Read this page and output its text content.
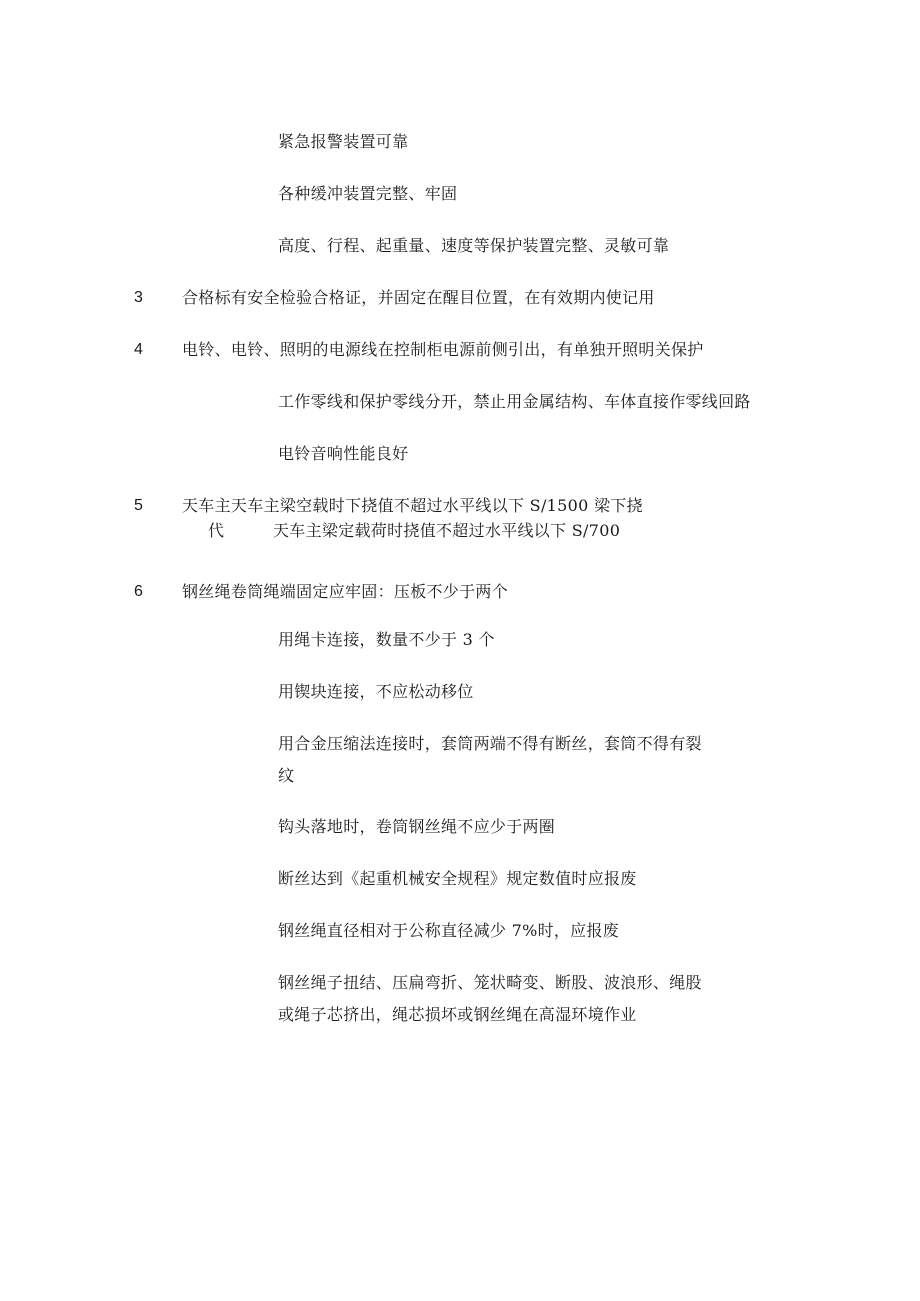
紧急报警装置可靠
各种缓冲装置完整、牢固
高度、行程、起重量、速度等保护装置完整、灵敏可靠
3 合格标有安全检验合格证，并固定在醒目位置，在有效期内使记用
4 电铃、电铃、照明的电源线在控制柜电源前侧引出，有单独开照明关保护
工作零线和保护零线分开，禁止用金属结构、车体直接作零线回路
电铃音响性能良好
5 天车主天车主梁空载时下挠值不超过水平线以下 S/1500 梁下挠
代	天车主梁定载荷时挠值不超过水平线以下 S/700
6 钢丝绳卷筒绳端固定应牢固：压板不少于两个
用绳卡连接，数量不少于 3 个
用锲块连接，不应松动移位
用合金压缩法连接时，套筒两端不得有断丝，套筒不得有裂
纹
钩头落地时，卷筒钢丝绳不应少于两圈
断丝达到《起重机械安全规程》规定数值时应报废
钢丝绳直径相对于公称直径减少 7%时，应报废
钢丝绳子扭结、压扁弯折、笼状畸变、断股、波浪形、绳股
或绳子芯挤出，绳芯损坏或钢丝绳在高湿环境作业
